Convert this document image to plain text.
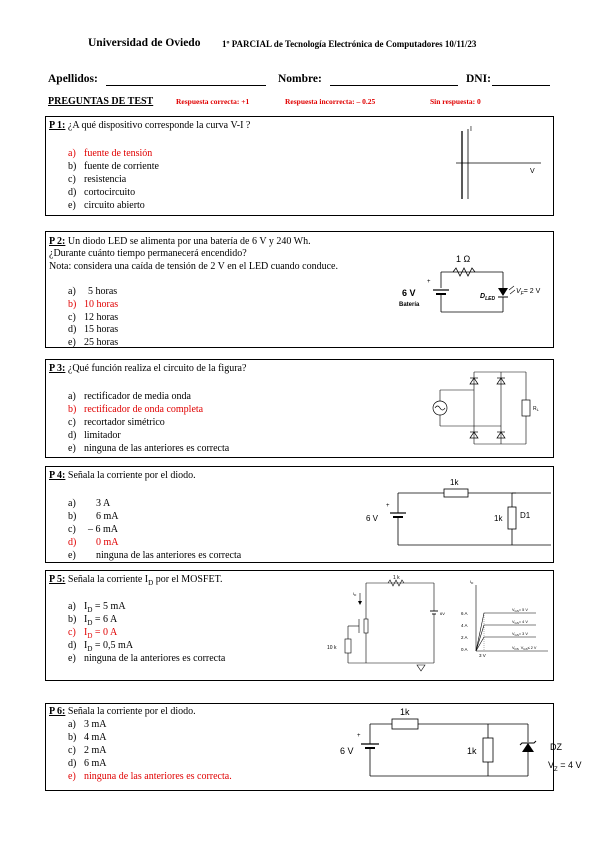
Universidad de Oviedo 1º PARCIAL de Tecnología Electrónica de Computadores 10/11/23
Apellidos:	Nombre:	DNI:
PREGUNTAS DE TEST	Respuesta correcta: +1	Respuesta incorrecta: – 0.25	Sin respuesta: 0
P 1: ¿A qué dispositivo corresponde la curva V-I ?
a) fuente de tensión
b) fuente de corriente
c) resistencia
d) cortocircuito
e) circuito abierto
I
V
P 2: Un diodo LED se alimenta por una batería de 6 V y 240 Wh.
¿Durante cuánto tiempo permanecerá encendido?
Nota: considera una caída de tensión de 2 V en el LED cuando conduce.
a) 5 horas
b) 10 horas
c) 12 horas
d) 15 horas
e) 25 horas
1 Ω
+
6 V
Batería
$D_{LED}$
$V_F= 2$ V
P 3: ¿Qué función realiza el circuito de la figura?
a) rectificador de media onda
b) rectificador de onda completa
c) recortador simétrico
d) limitador
e) ninguna de las anteriores es correcta
$R_L$
P 4: Señala la corriente por el diodo.
a) 3 A
b) 6 mA
c) – 6 mA
d) 0 mA
e) ninguna de las anteriores es correcta
1k
+
6 V	1k D1
P 5: Señala la corriente $I_D$ por el MOSFET.
a) $I_D = 5$ mA
b) $I_D = 6$ A
c) $I_D = 0$ A
d) $I_D = 0,5$ mA
e) ninguna de la anteriores es correcta
1 k
$I_D$
10 k
6V
$I_D$
6 A
4 A
2 A
0 A
3 V
$V_{GS}= 5$ V
$V_{GS}= 4$ V
$V_{GS}= 3$ V
$V_{DS}$ $V_{GS}\le 2$ V
P 6: Señala la corriente por el diodo.
a) 3 mA
b) 4 mA
c) 2 mA
d) 6 mA
e) ninguna de las anteriores es correcta.
1k
+
6 V	1k	DZ
$V_Z = 4$ V
